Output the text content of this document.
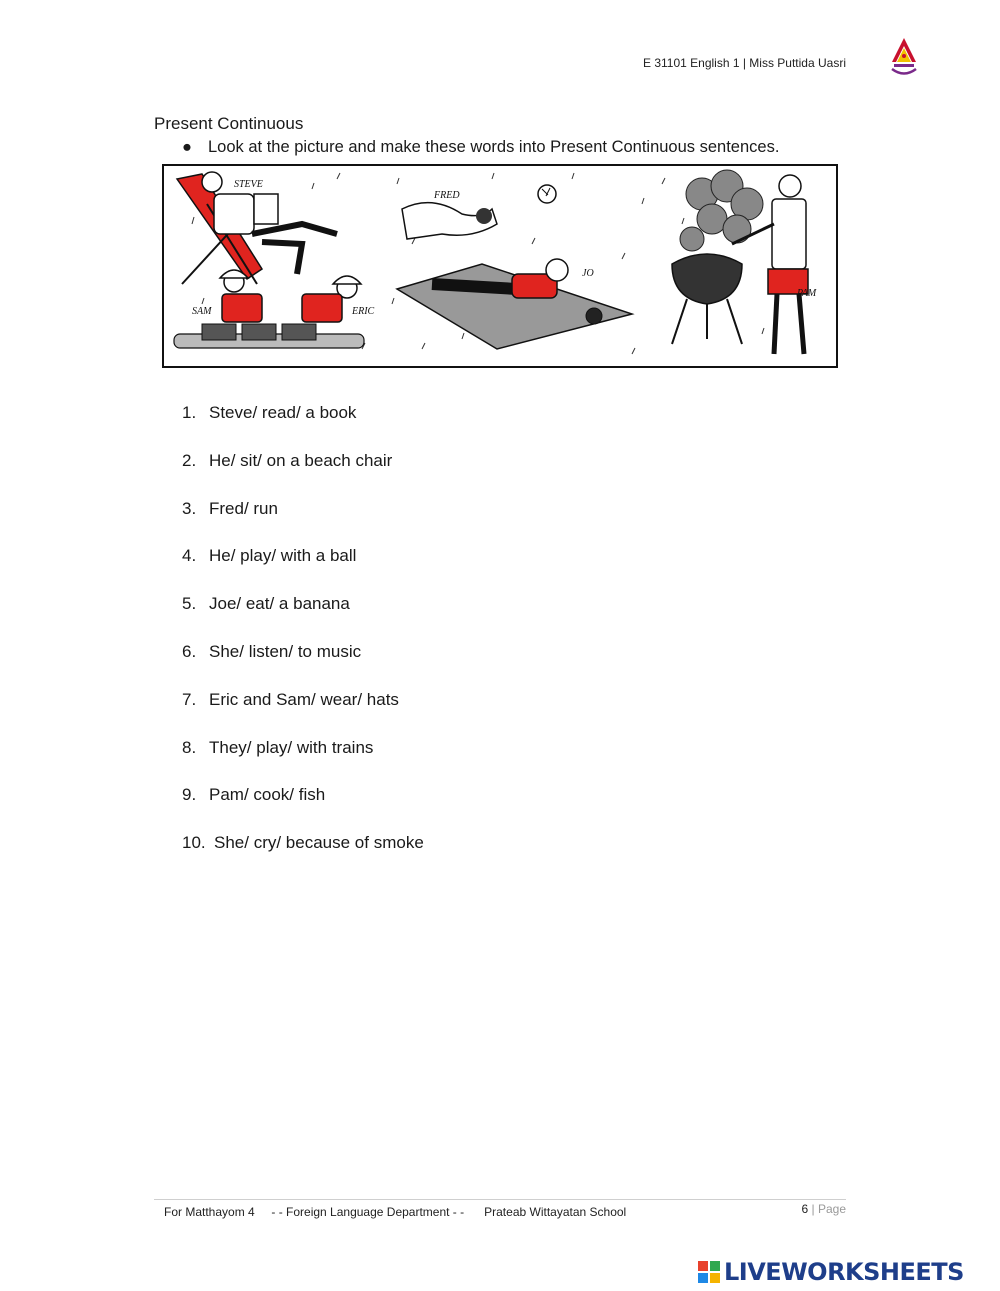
E 31101 English 1 | Miss Puttida Uasri
Present Continuous
● Look at the picture and make these words into Present Continuous sentences.
STEVE
FRED
JO
PAM
SAM	ERIC
1. Steve/ read/ a book
2. He/ sit/ on a beach chair
3. Fred/ run
4. He/ play/ with a ball
5. Joe/ eat/ a banana
6. She/ listen/ to music
7. Eric and Sam/ wear/ hats
8. They/ play/ with trains
9. Pam/ cook/ fish
10. She/ cry/ because of smoke
For Matthayom 4     - - Foreign Language Department - -      Prateab Wittayatan School	6 | Page
LIVEWORKSHEETS
